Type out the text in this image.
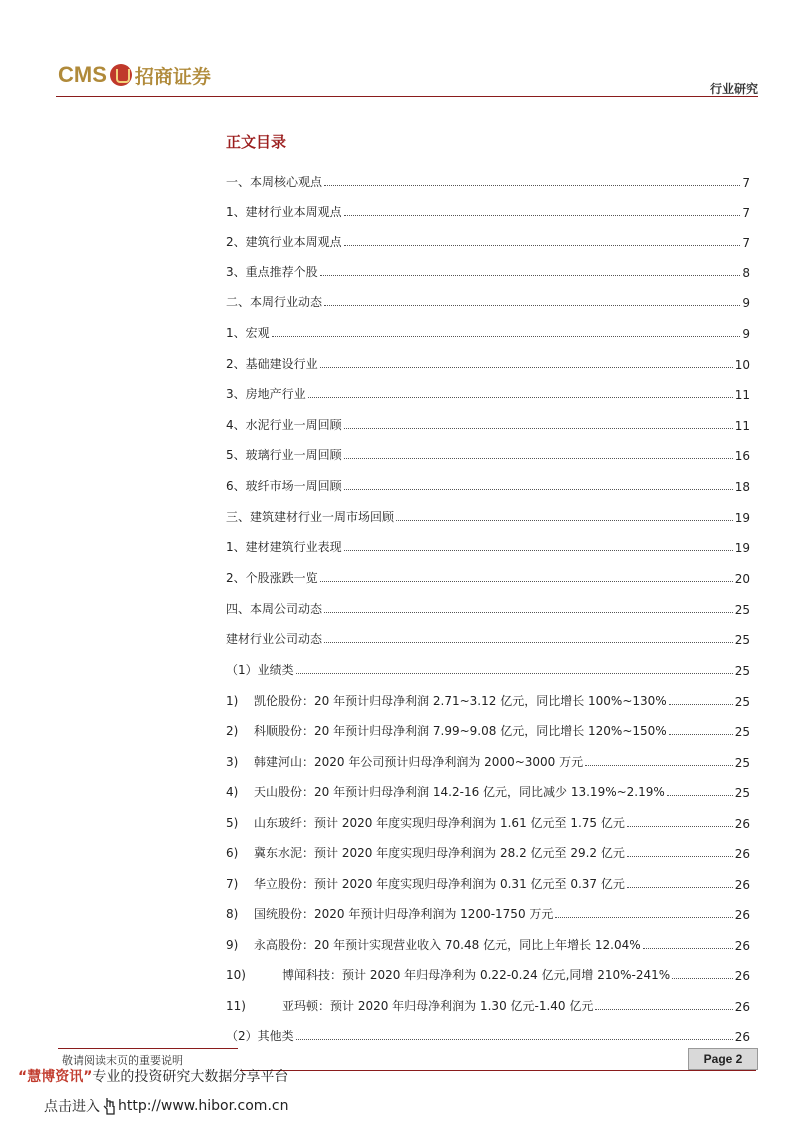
CMS 招商证券
行业研究
正文目录
一、本周核心观点	7
1、建材行业本周观点	7
2、建筑行业本周观点	7
3、重点推荐个股	8
二、本周行业动态	9
1、宏观	9
2、基础建设行业	10
3、房地产行业	11
4、水泥行业一周回顾	11
5、玻璃行业一周回顾	16
6、玻纤市场一周回顾	18
三、建筑建材行业一周市场回顾	19
1、建材建筑行业表现	19
2、个股涨跌一览	20
四、本周公司动态	25
建材行业公司动态	25
（1）业绩类	25
1) 凯伦股份：20 年预计归母净利润 2.71~3.12 亿元，同比增长 100%~130%	25
2) 科顺股份：20 年预计归母净利润 7.99~9.08 亿元，同比增长 120%~150%	25
3) 韩建河山：2020 年公司预计归母净利润为 2000~3000 万元	25
4) 天山股份：20 年预计归母净利润 14.2-16 亿元，同比减少 13.19%~2.19%	25
5) 山东玻纤：预计 2020 年度实现归母净利润为 1.61 亿元至 1.75 亿元	26
6) 冀东水泥：预计 2020 年度实现归母净利润为 28.2 亿元至 29.2 亿元	26
7) 华立股份：预计 2020 年度实现归母净利润为 0.31 亿元至 0.37 亿元	26
8) 国统股份：2020 年预计归母净利润为 1200-1750 万元	26
9) 永高股份：20 年预计实现营业收入 70.48 亿元，同比上年增长 12.04%	26
10)	博闻科技：预计 2020 年归母净利为 0.22-0.24 亿元,同增 210%-241%	26
11)	亚玛顿：预计 2020 年归母净利润为 1.30 亿元-1.40 亿元	26
（2）其他类	26
敬请阅读末页的重要说明	Page 2
“慧博资讯”专业的投资研究大数据分享平台
点击进入 http://www.hibor.com.cn
